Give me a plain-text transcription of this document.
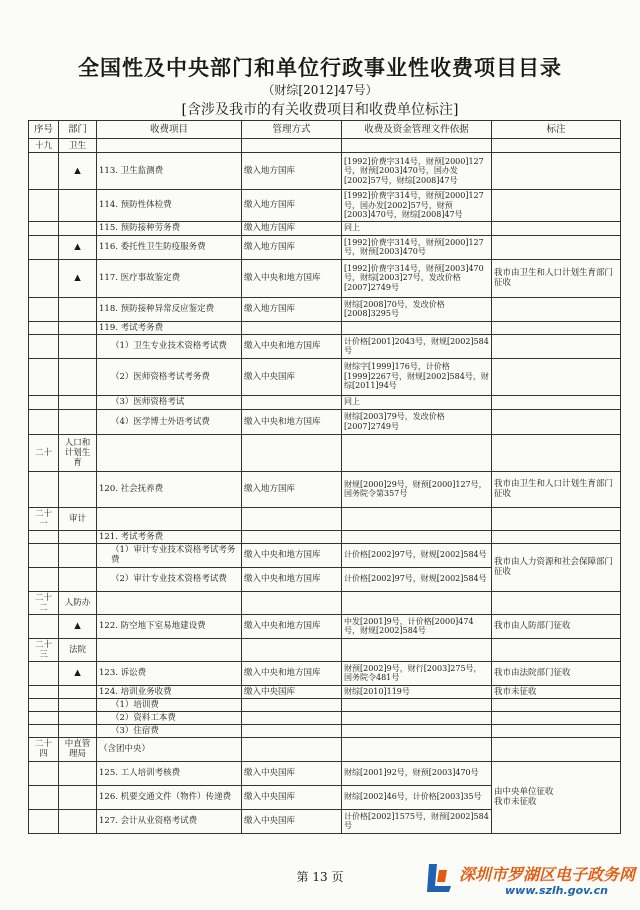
全国性及中央部门和单位行政事业性收费项目目录
（财综[2012]47号）
[含涉及我市的有关收费项目和收费单位标注]
序号	部门	收费项目	管理方式	收费及资金管理文件依据	标注
十九	卫生				
	▲	113. 卫生监测费	缴入地方国库	[1992]价费字314号，财预[2000]127号，财预[2003]470号，国办发[2002]57号，财综[2008]47号	
		114. 预防性体检费	缴入地方国库	[1992]价费字314号，财预[2000]127号，国办发[2002]57号，财预[2003]470号，财综[2008]47号	
		115. 预防接种劳务费	缴入地方国库	同上	
	▲	116. 委托性卫生防疫服务费	缴入地方国库	[1992]价费字314号，财预[2000]127号，财预[2003]470号	
	▲	117. 医疗事故鉴定费	缴入中央和地方国库	[1992]价费字314号，财预[2003]470号，财综[2003]27号，发改价格[2007]2749号	我市由卫生和人口计划生育部门征收
		118. 预防接种异常反应鉴定费	缴入地方国库	财综[2008]70号，发改价格[2008]3295号	
		119. 考试考务费			
		（1）卫生专业技术资格考试费	缴入中央和地方国库	计价格[2001]2043号，财规[2002]584号	
		（2）医师资格考试考务费	缴入中央国库	财综字[1999]176号，计价格[1999]2267号，财规[2002]584号，财综[2011]94号	
		（3）医师资格考试		同上	
		（4）医学博士外语考试费	缴入中央和地方国库	财综[2003]79号，发改价格[2007]2749号	
二十	人口和计划生育				
		120. 社会抚养费	缴入地方国库	财规[2000]29号，财预[2000]127号，国务院令第357号	我市由卫生和人口计划生育部门征收
二十一	审计				
		121. 考试考务费			
		（1）审计专业技术资格考试考务费	缴入中央和地方国库	计价格[2002]97号，财规[2002]584号	我市由人力资源和社会保障部门征收
		（2）审计专业技术资格考试费	缴入中央和地方国库	计价格[2002]97号，财规[2002]584号	
二十二	人防办				
	▲	122. 防空地下室易地建设费	缴入中央和地方国库	中发[2001]9号，计价格[2000]474号，财规[2002]584号	我市由人防部门征收
二十三	法院				
	▲	123. 诉讼费	缴入中央和地方国库	财预[2002]9号，财行[2003]275号，国务院令481号	我市由法院部门征收
		124. 培训业务收费	缴入中央国库	财综[2010]119号	我市未征收
		（1）培训费			
		（2）资料工本费			
		（3）住宿费			
二十四	中直管理局	（含团中央）			
		125. 工人培训考核费	缴入中央国库	财综[2001]92号，财预[2003]470号	由中央单位征收
我市未征收
		126. 机要交通文件（物件）传递费	缴入中央国库	财综[2002]46号，计价格[2003]35号	
		127. 会计从业资格考试费	缴入中央国库	计价格[2002]1575号，财预[2002]584号	
第 13 页	深圳市罗湖区电子政务网
www.szlh.gov.cn
